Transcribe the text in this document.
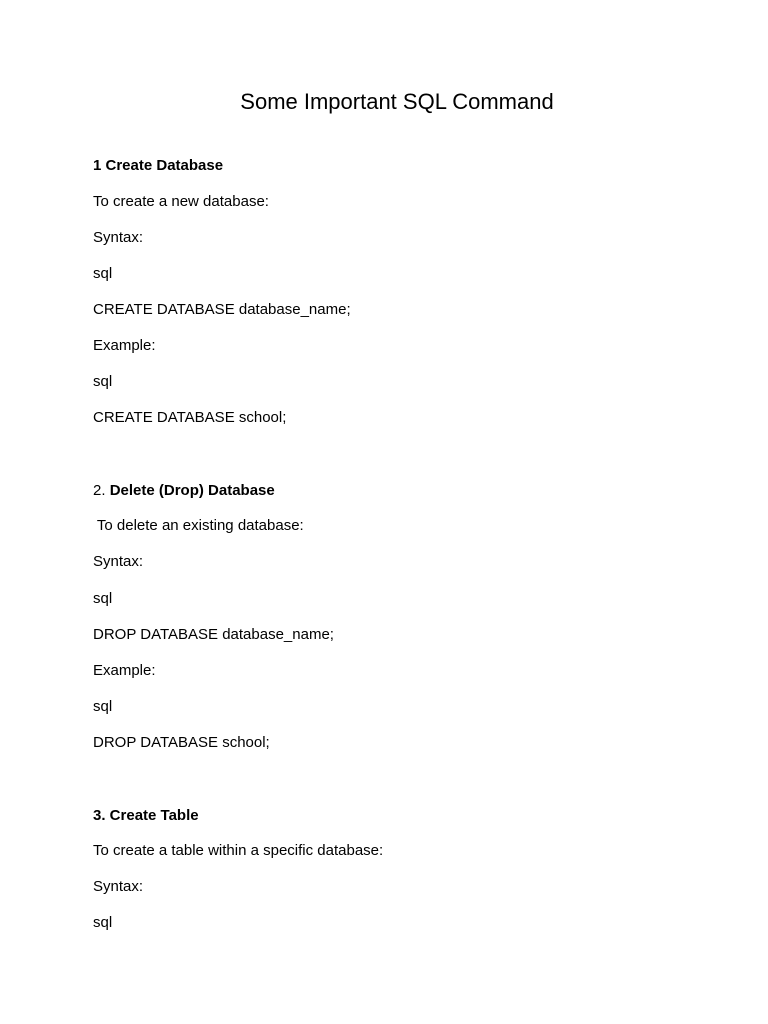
Some Important SQL Command
1 Create Database
To create a new database:
Syntax:
sql
CREATE DATABASE database_name;
Example:
sql
CREATE DATABASE school;
2. Delete (Drop) Database
To delete an existing database:
Syntax:
sql
DROP DATABASE database_name;
Example:
sql
DROP DATABASE school;
3. Create Table
To create a table within a specific database:
Syntax:
sql
